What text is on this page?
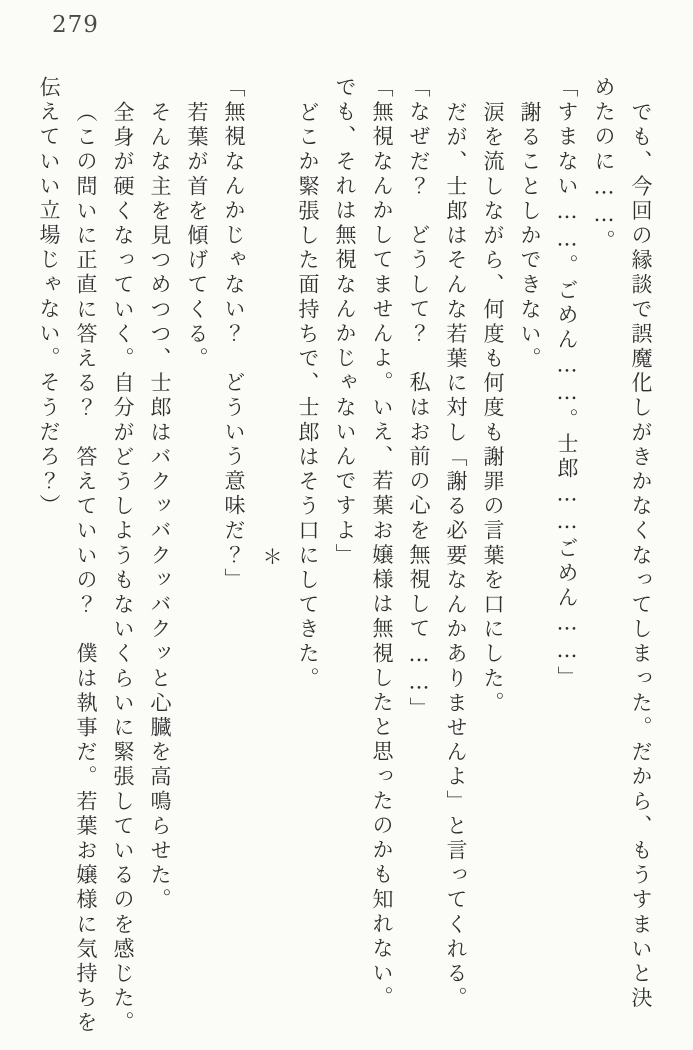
279

でも、今回の縁談で誤魔化しがきかなくなってしまった。だから、もうすまいと決

めたのに……。

「すまない……。ごめん……。士郎……ごめん……」

謝ることしかできない。

涙を流しながら、何度も何度も謝罪の言葉を口にした。

だが、士郎はそんな若葉に対し「謝る必要なんかありませんよ」と言ってくれる。

「なぜだ？　どうして？　私はお前の心を無視して……」

「無視なんかしてませんよ。いえ、若葉お嬢様は無視したと思ったのかも知れない。

でも、それは無視なんかじゃないんですよ」

どこか緊張した面持ちで、士郎はそう口にしてきた。

＊

「無視なんかじゃない？　どういう意味だ？」

若葉が首を傾げてくる。

そんな主を見つめつつ、士郎はバクッバクッバクッと心臓を高鳴らせた。

全身が硬くなっていく。自分がどうしようもないくらいに緊張しているのを感じた。

（この問いに正直に答える？　答えていいの？　僕は執事だ。若葉お嬢様に気持ちを

伝えていい立場じゃない。そうだろ？）
